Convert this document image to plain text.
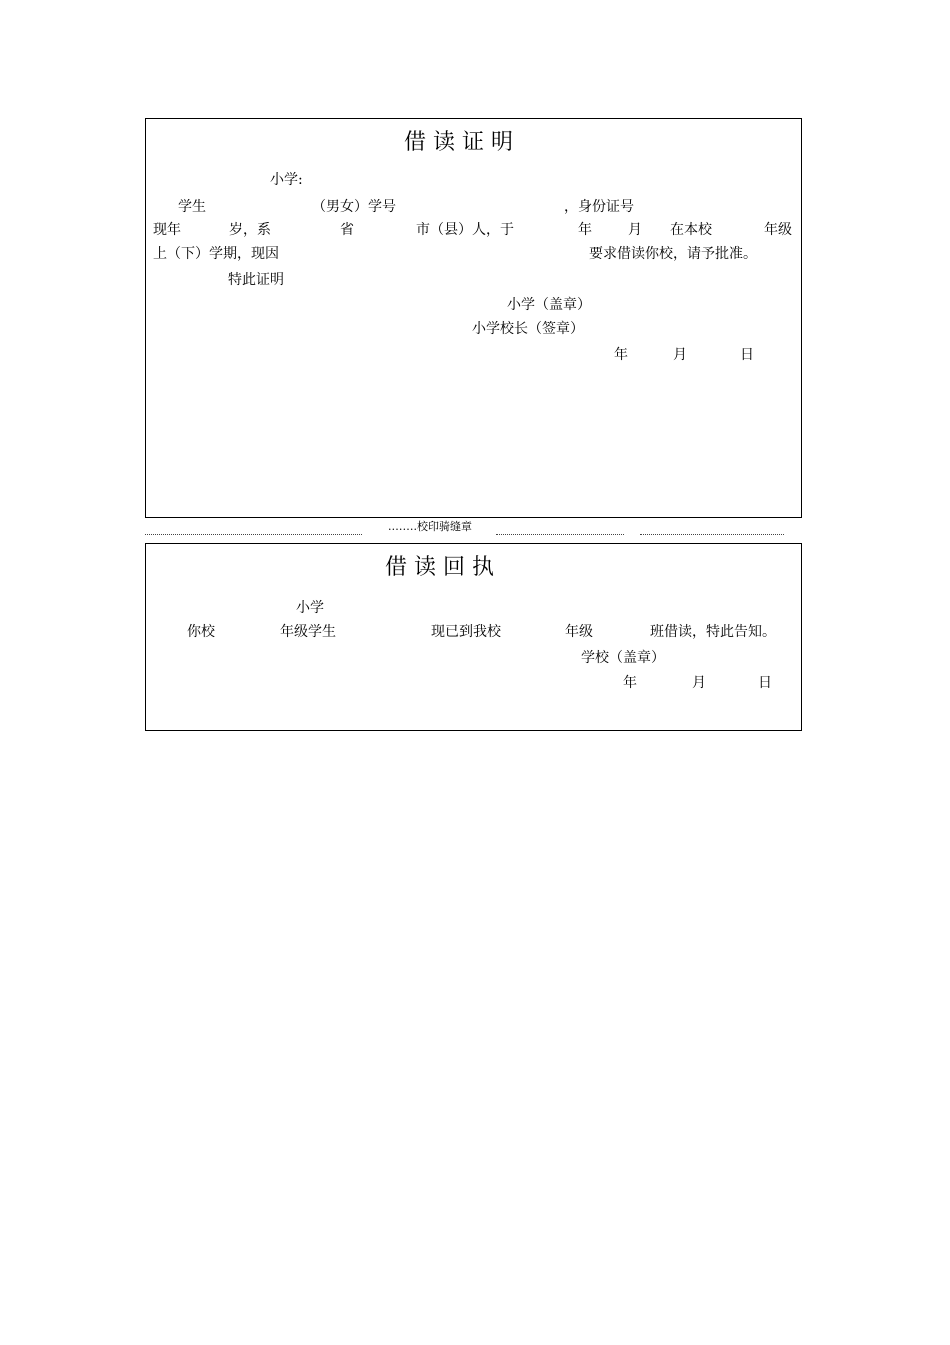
借 读 证 明
小学:
学生	（男女）学号	，身份证号
现年	岁，系	省	市（县）人，于	年	月 在本校	年级
上（下）学期，现因	要求借读你校，请予批准。
特此证明
小学（盖章）
小学校长（签章）
年	月	日
.…….校印骑缝章
借 读 回 执
小学
你校	年级学生	现已到我校	年级	班借读，特此告知。
学校（盖章）
年	月	日
